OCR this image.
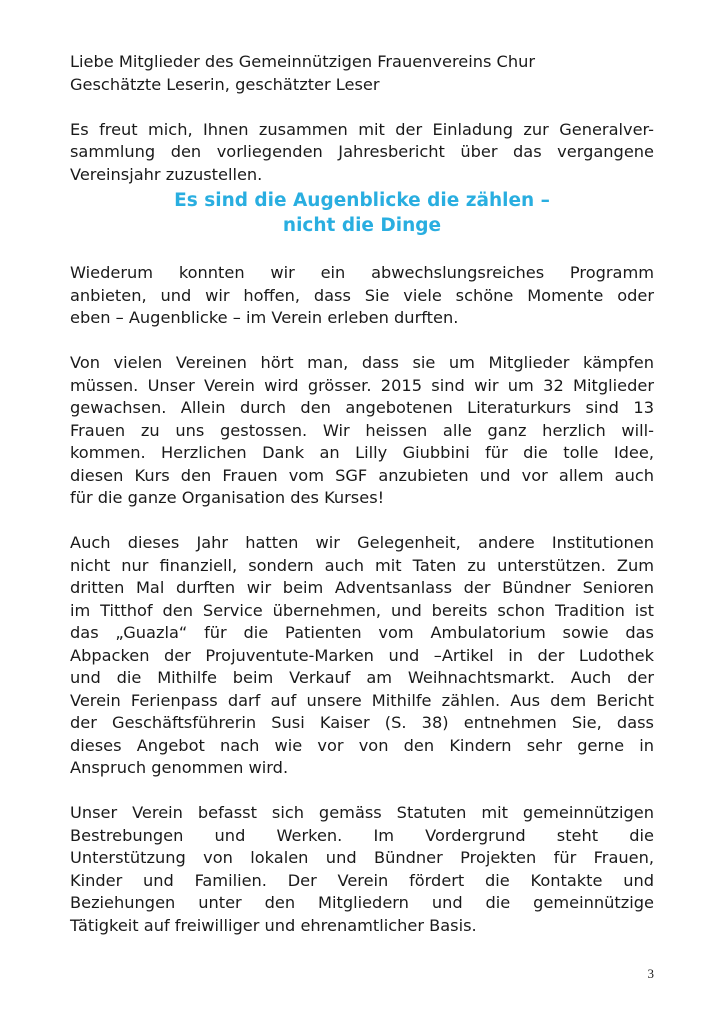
Liebe Mitglieder des Gemeinnützigen Frauenvereins Chur
Geschätzte Leserin, geschätzter Leser

Es freut mich, Ihnen zusammen mit der Einladung zur Generalver-
sammlung den vorliegenden Jahresbericht über das vergangene
Vereinsjahr zuzustellen.

Es sind die Augenblicke die zählen –
nicht die Dinge

Wiederum konnten wir ein abwechslungsreiches Programm
anbieten, und wir hoffen, dass Sie viele schöne Momente oder
eben – Augenblicke – im Verein erleben durften.

Von vielen Vereinen hört man, dass sie um Mitglieder kämpfen
müssen. Unser Verein wird grösser. 2015 sind wir um 32 Mitglieder
gewachsen. Allein durch den angebotenen Literaturkurs sind 13
Frauen zu uns gestossen. Wir heissen alle ganz herzlich will-
kommen. Herzlichen Dank an Lilly Giubbini für die tolle Idee,
diesen Kurs den Frauen vom SGF anzubieten und vor allem auch
für die ganze Organisation des Kurses!

Auch dieses Jahr hatten wir Gelegenheit, andere Institutionen
nicht nur finanziell, sondern auch mit Taten zu unterstützen. Zum
dritten Mal durften wir beim Adventsanlass der Bündner Senioren
im Titthof den Service übernehmen, und bereits schon Tradition ist
das „Guazla“ für die Patienten vom Ambulatorium sowie das
Abpacken der Projuventute-Marken und –Artikel in der Ludothek
und die Mithilfe beim Verkauf am Weihnachtsmarkt. Auch der
Verein Ferienpass darf auf unsere Mithilfe zählen. Aus dem Bericht
der Geschäftsführerin Susi Kaiser (S. 38) entnehmen Sie, dass
dieses Angebot nach wie vor von den Kindern sehr gerne in
Anspruch genommen wird.

Unser Verein befasst sich gemäss Statuten mit gemeinnützigen
Bestrebungen und Werken. Im Vordergrund steht die
Unterstützung von lokalen und Bündner Projekten für Frauen,
Kinder und Familien. Der Verein fördert die Kontakte und
Beziehungen unter den Mitgliedern und die gemeinnützige
Tätigkeit auf freiwilliger und ehrenamtlicher Basis.

3
